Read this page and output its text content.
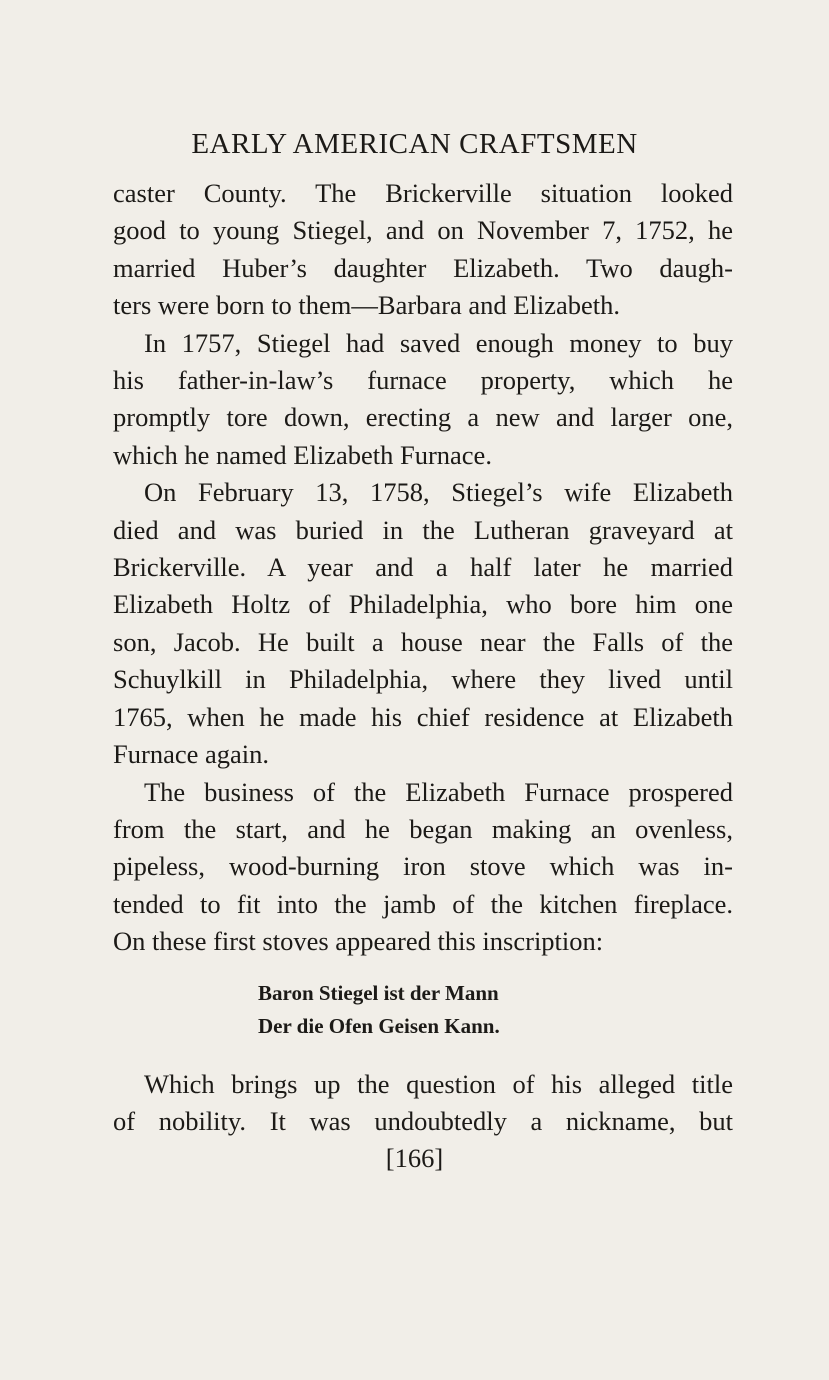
EARLY AMERICAN CRAFTSMEN

caster County. The Brickerville situation looked
good to young Stiegel, and on November 7, 1752, he
married Huber’s daughter Elizabeth. Two daugh-
ters were born to them—Barbara and Elizabeth.

In 1757, Stiegel had saved enough money to buy
his father-in-law’s furnace property, which he
promptly tore down, erecting a new and larger one,
which he named Elizabeth Furnace.

On February 13, 1758, Stiegel’s wife Elizabeth
died and was buried in the Lutheran graveyard at
Brickerville. A year and a half later he married
Elizabeth Holtz of Philadelphia, who bore him one
son, Jacob. He built a house near the Falls of the
Schuylkill in Philadelphia, where they lived until
1765, when he made his chief residence at Elizabeth
Furnace again.

The business of the Elizabeth Furnace prospered
from the start, and he began making an ovenless,
pipeless, wood-burning iron stove which was in-
tended to fit into the jamb of the kitchen fireplace.
On these first stoves appeared this inscription:

Baron Stiegel ist der Mann
Der die Ofen Geisen Kann.

Which brings up the question of his alleged title
of nobility. It was undoubtedly a nickname, but

[166]
